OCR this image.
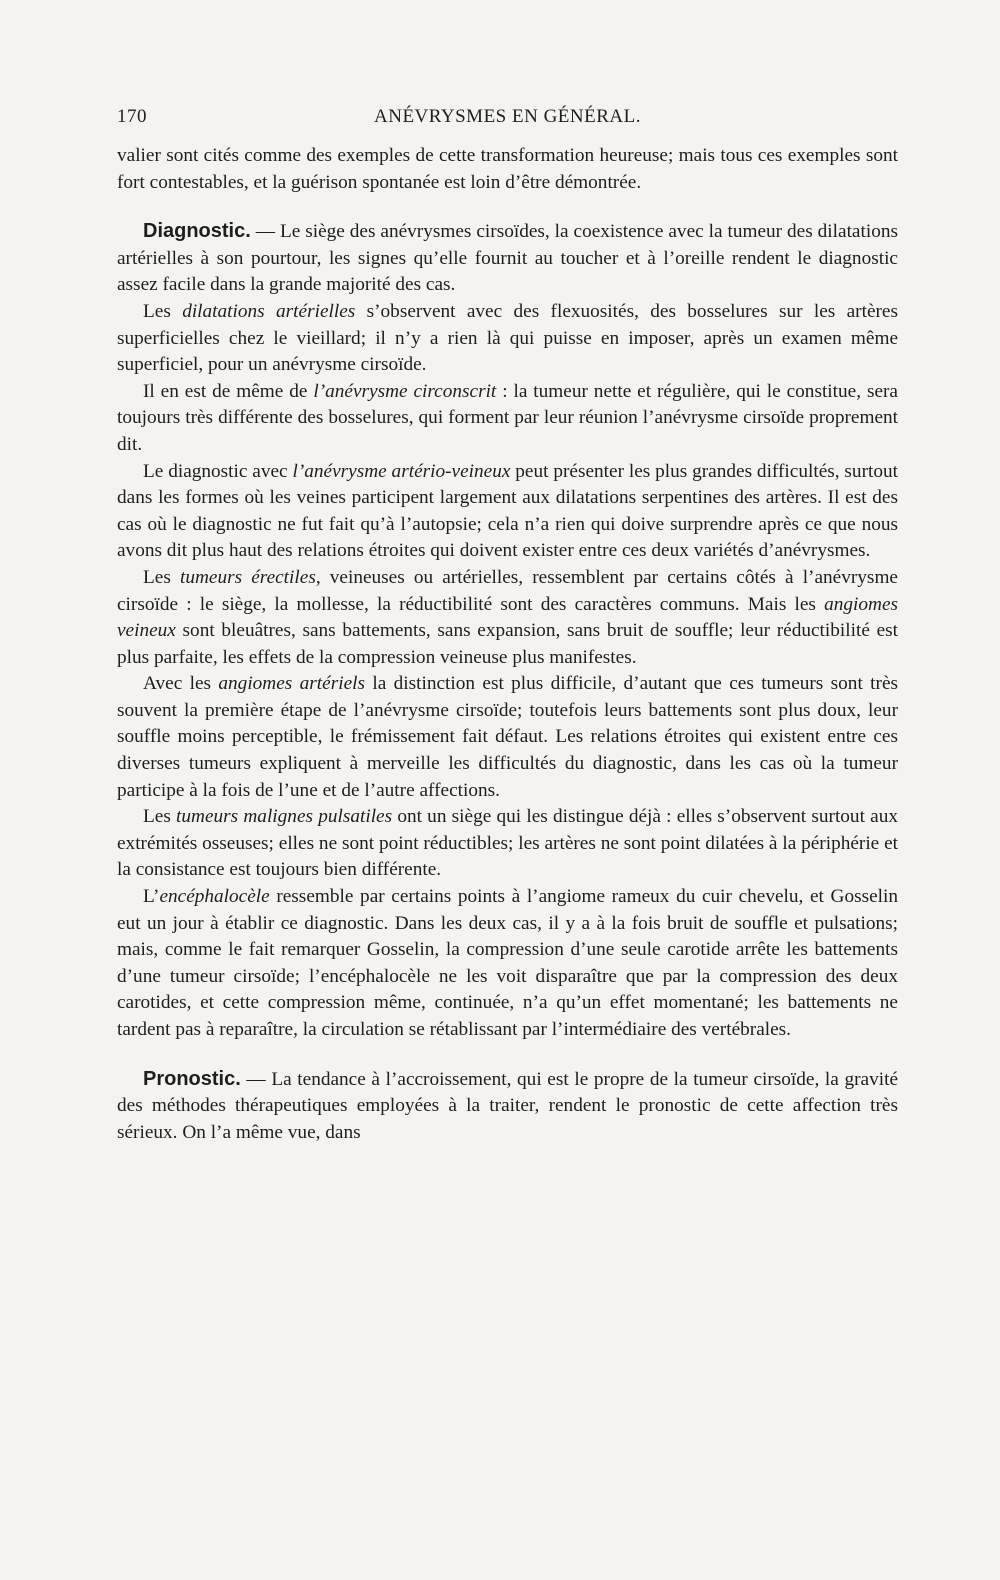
170	ANÉVRYSMES EN GÉNÉRAL.

valier sont cités comme des exemples de cette transformation heureuse; mais tous ces exemples sont fort contestables, et la guérison spontanée est loin d’être démontrée.

Diagnostic. — Le siège des anévrysmes cirsoïdes, la coexistence avec la tumeur des dilatations artérielles à son pourtour, les signes qu’elle fournit au toucher et à l’oreille rendent le diagnostic assez facile dans la grande majorité des cas.

Les dilatations artérielles s’observent avec des flexuosités, des bosselures sur les artères superficielles chez le vieillard; il n’y a rien là qui puisse en imposer, après un examen même superficiel, pour un anévrysme cirsoïde.

Il en est de même de l’anévrysme circonscrit : la tumeur nette et régulière, qui le constitue, sera toujours très différente des bosselures, qui forment par leur réunion l’anévrysme cirsoïde proprement dit.

Le diagnostic avec l’anévrysme artério-veineux peut présenter les plus grandes difficultés, surtout dans les formes où les veines participent largement aux dilatations serpentines des artères. Il est des cas où le diagnostic ne fut fait qu’à l’autopsie; cela n’a rien qui doive surprendre après ce que nous avons dit plus haut des relations étroites qui doivent exister entre ces deux variétés d’anévrysmes.

Les tumeurs érectiles, veineuses ou artérielles, ressemblent par certains côtés à l’anévrysme cirsoïde : le siège, la mollesse, la réductibilité sont des caractères communs. Mais les angiomes veineux sont bleuâtres, sans battements, sans expansion, sans bruit de souffle; leur réductibilité est plus parfaite, les effets de la compression veineuse plus manifestes.

Avec les angiomes artériels la distinction est plus difficile, d’autant que ces tumeurs sont très souvent la première étape de l’anévrysme cirsoïde; toutefois leurs battements sont plus doux, leur souffle moins perceptible, le frémissement fait défaut. Les relations étroites qui existent entre ces diverses tumeurs expliquent à merveille les difficultés du diagnostic, dans les cas où la tumeur participe à la fois de l’une et de l’autre affections.

Les tumeurs malignes pulsatiles ont un siège qui les distingue déjà : elles s’observent surtout aux extrémités osseuses; elles ne sont point réductibles; les artères ne sont point dilatées à la périphérie et la consistance est toujours bien différente.

L’encéphalocèle ressemble par certains points à l’angiome rameux du cuir chevelu, et Gosselin eut un jour à établir ce diagnostic. Dans les deux cas, il y a à la fois bruit de souffle et pulsations; mais, comme le fait remarquer Gosselin, la compression d’une seule carotide arrête les battements d’une tumeur cirsoïde; l’encéphalocèle ne les voit disparaître que par la compression des deux carotides, et cette compression même, continuée, n’a qu’un effet momentané; les battements ne tardent pas à reparaître, la circulation se rétablissant par l’intermédiaire des vertébrales.

Pronostic. — La tendance à l’accroissement, qui est le propre de la tumeur cirsoïde, la gravité des méthodes thérapeutiques employées à la traiter, rendent le pronostic de cette affection très sérieux. On l’a même vue, dans
